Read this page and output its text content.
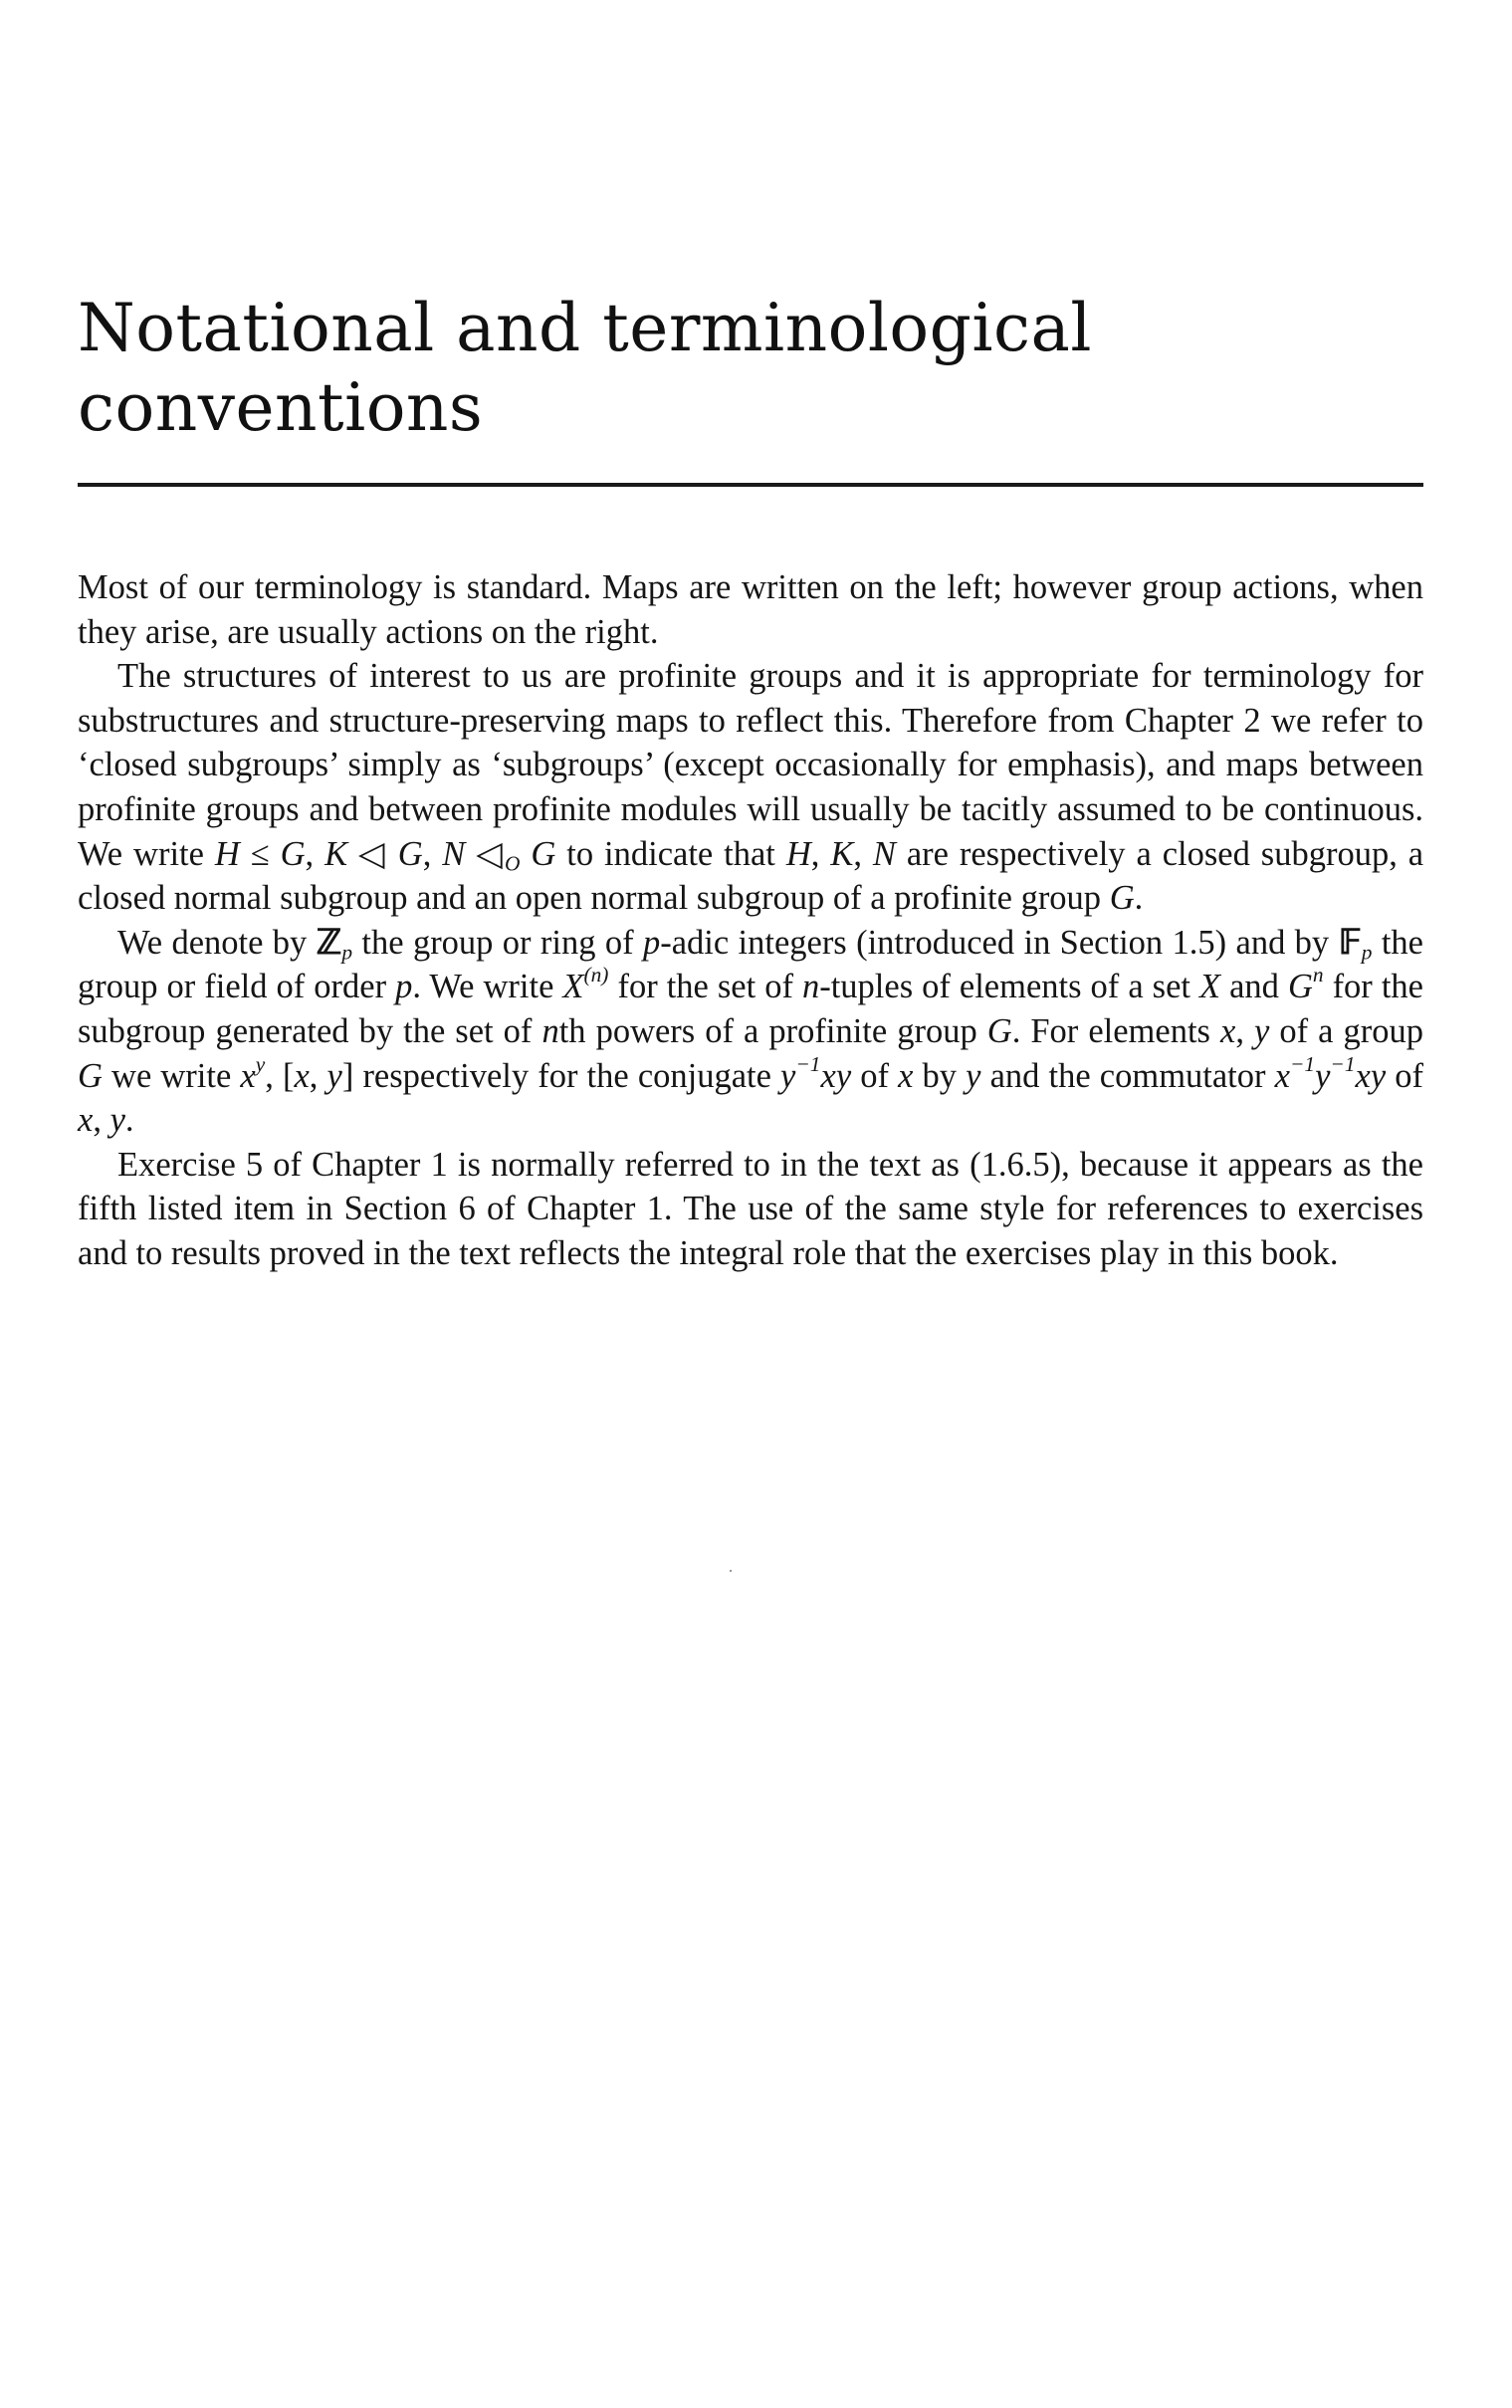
Notational and terminological conventions

Most of our terminology is standard. Maps are written on the left; however group actions, when they arise, are usually actions on the right.

The structures of interest to us are profinite groups and it is appropriate for terminology for substructures and structure-preserving maps to reflect this. Therefore from Chapter 2 we refer to ‘closed subgroups’ simply as ‘subgroups’ (except occasionally for emphasis), and maps between profinite groups and between profinite modules will usually be tacitly assumed to be continuous. We write H ≤ G, K ◁ G, N $◁_O$ G to indicate that H, K, N are respectively a closed subgroup, a closed normal subgroup and an open normal subgroup of a profinite group G.

We denote by ℤ$_p$ the group or ring of p-adic integers (introduced in Section 1.5) and by 𝔽$_p$ the group or field of order p. We write $X^{(n)}$ for the set of n-tuples of elements of a set X and $G^n$ for the subgroup generated by the set of nth powers of a profinite group G. For elements x, y of a group G we write $x^y$, [x, y] respectively for the conjugate $y^{-1}xy$ of x by y and the commutator $x^{-1}y^{-1}xy$ of x, y.

Exercise 5 of Chapter 1 is normally referred to in the text as (1.6.5), because it appears as the fifth listed item in Section 6 of Chapter 1. The use of the same style for references to exercises and to results proved in the text reflects the integral role that the exercises play in this book.
